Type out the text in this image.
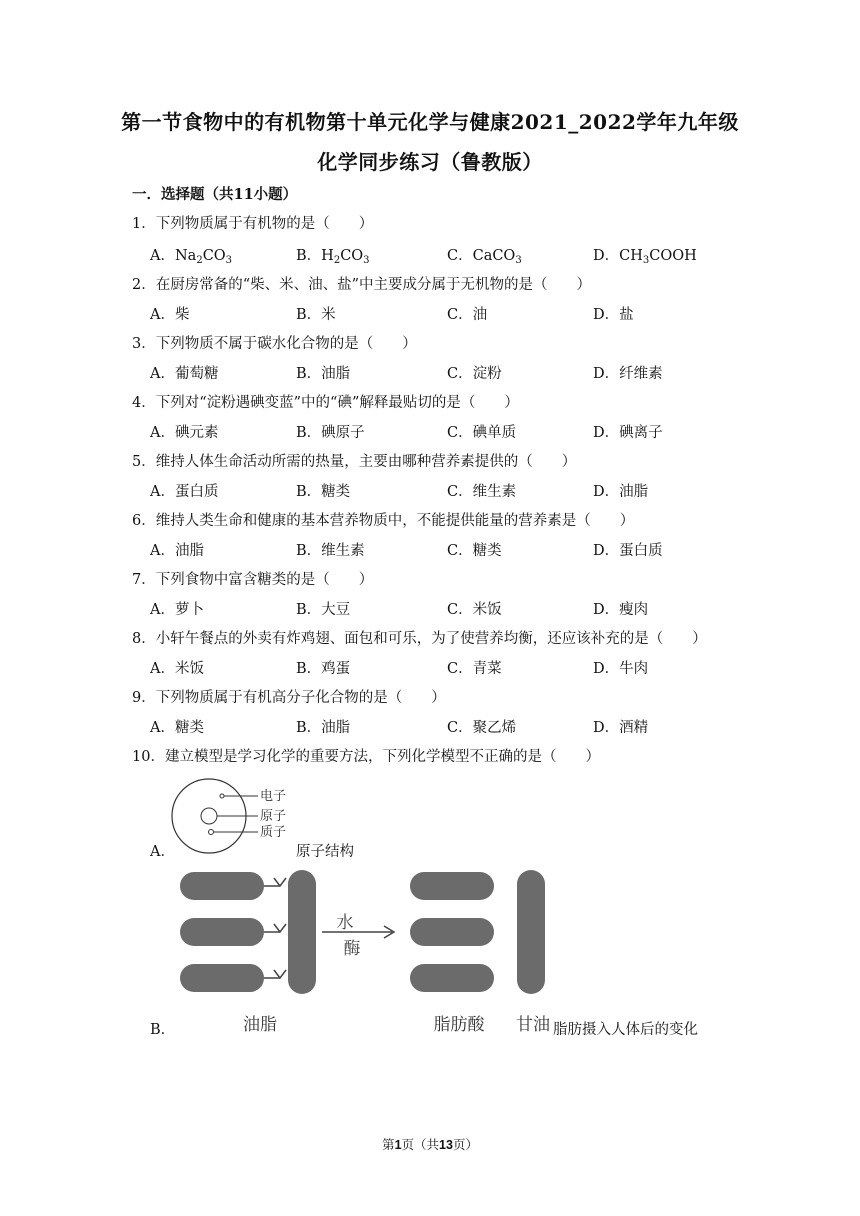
第一节食物中的有机物第十单元化学与健康2021_2022学年九年级
化学同步练习（鲁教版）
一．选择题（共11小题）
1．下列物质属于有机物的是（　　）
A．$Na_2CO_3$	B．$H_2CO_3$	C．CaCO$_3$	D．$CH_3COOH$
2．在厨房常备的“柴、米、油、盐”中主要成分属于无机物的是（　　）
A．柴	B．米	C．油	D．盐
3．下列物质不属于碳水化合物的是（　　）
A．葡萄糖	B．油脂	C．淀粉	D．纤维素
4．下列对“淀粉遇碘变蓝”中的“碘”解释最贴切的是（　　）
A．碘元素	B．碘原子	C．碘单质	D．碘离子
5．维持人体生命活动所需的热量，主要由哪种营养素提供的（　　）
A．蛋白质	B．糖类	C．维生素	D．油脂
6．维持人类生命和健康的基本营养物质中，不能提供能量的营养素是（　　）
A．油脂	B．维生素	C．糖类	D．蛋白质
7．下列食物中富含糖类的是（　　）
A．萝卜	B．大豆	C．米饭	D．瘦肉
8．小轩午餐点的外卖有炸鸡翅、面包和可乐，为了使营养均衡，还应该补充的是（　　）
A．米饭	B．鸡蛋	C．青菜	D．牛肉
9．下列物质属于有机高分子化合物的是（　　）
A．糖类	B．油脂	C．聚乙烯	D．酒精
10．建立模型是学习化学的重要方法，下列化学模型不正确的是（　　）
A．
电子
原子
质子
原子结构
水
酶
油脂	脂肪酸 甘油
B．	脂肪摄入人体后的变化
第1页（共13页）
